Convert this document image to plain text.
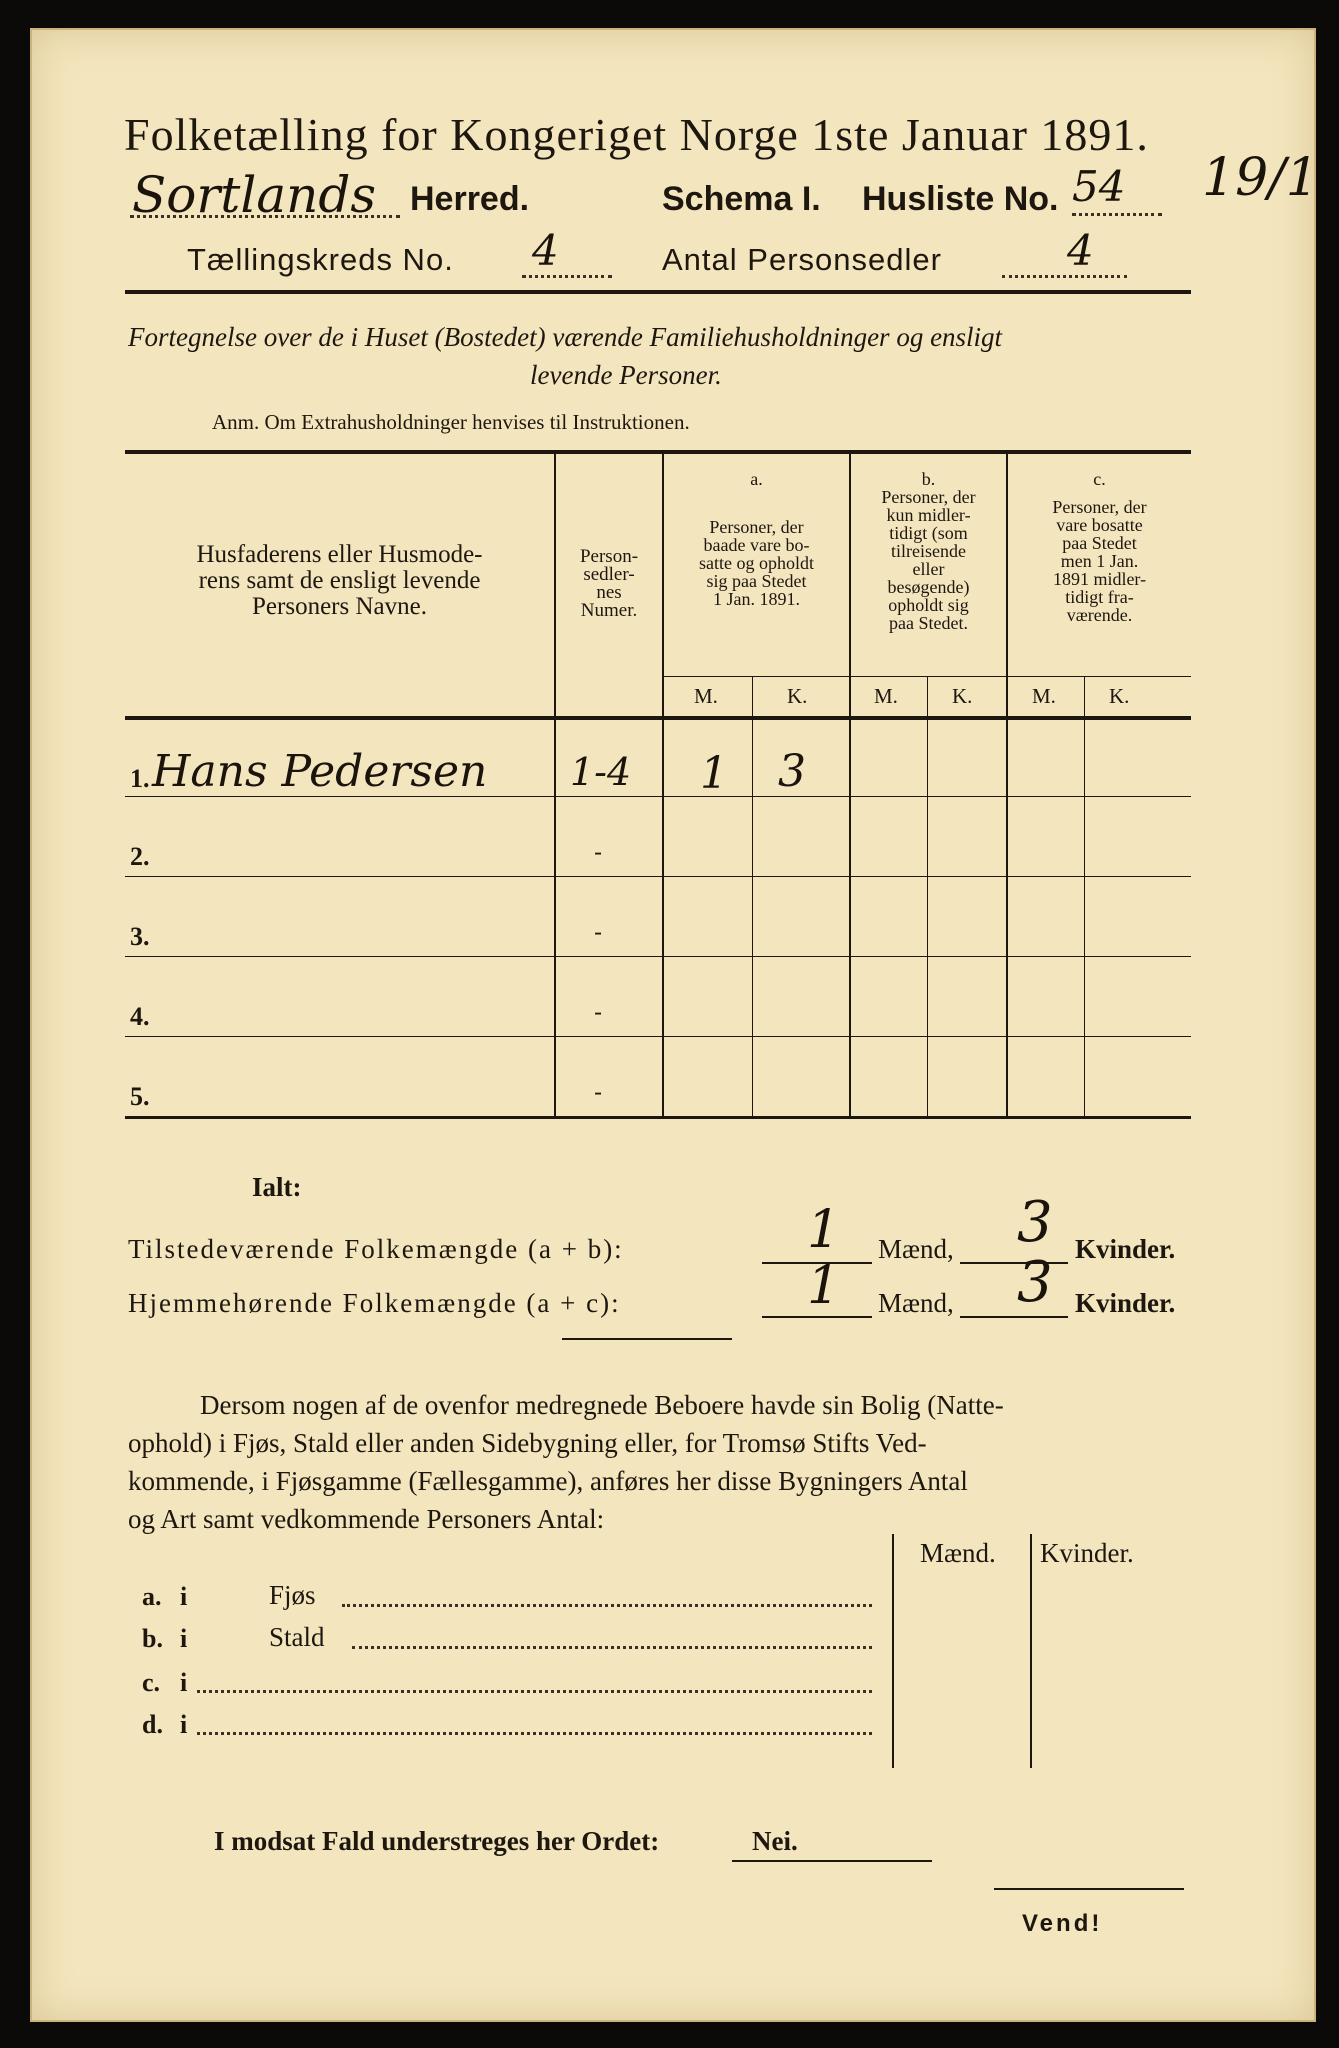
Folketælling for Kongeriget Norge 1ste Januar 1891.
Sortlands Herred.	Schema I. Husliste No. 54 19/1
Tællingskreds No. 4	Antal Personsedler	4
Fortegnelse over de i Huset (Bostedet) værende Familiehusholdninger og ensligt
levende Personer.
Anm. Om Extrahusholdninger henvises til Instruktionen.
Husfaderens eller Husmode-
rens samt de ensligt levende
Personers Navne.
Person-
sedler-
nes
Numer.
a.
Personer, der
baade vare bo-
satte og opholdt
sig paa Stedet
1 Jan. 1891.
b.
Personer, der
kun midler-
tidigt (som
tilreisende
eller
besøgende)
opholdt sig
paa Stedet.
c.
Personer, der
vare bosatte
paa Stedet
men 1 Jan.
1891 midler-
tidigt fra-
værende.
M.	K.	M.	K.	M.	K.
1. Hans Pedersen 1-4 1 3
2.	-
3.	-
4.	-
5.	-
Ialt:
Tilstedeværende Folkemængde (a + b):	1 Mænd, 3 Kvinder.
Hjemmehørende Folkemængde (a + c):	1 Mænd, 3 Kvinder.
Dersom nogen af de ovenfor medregnede Beboere havde sin Bolig (Natte-
ophold) i Fjøs, Stald eller anden Sidebygning eller, for Tromsø Stifts Ved-
kommende, i Fjøsgamme (Fællesgamme), anføres her disse Bygningers Antal
og Art samt vedkommende Personers Antal:
Mænd. Kvinder.
a. i	Fjøs
b. i	Stald
c. i
d. i
I modsat Fald understreges her Ordet:	Nei.
Vend!
